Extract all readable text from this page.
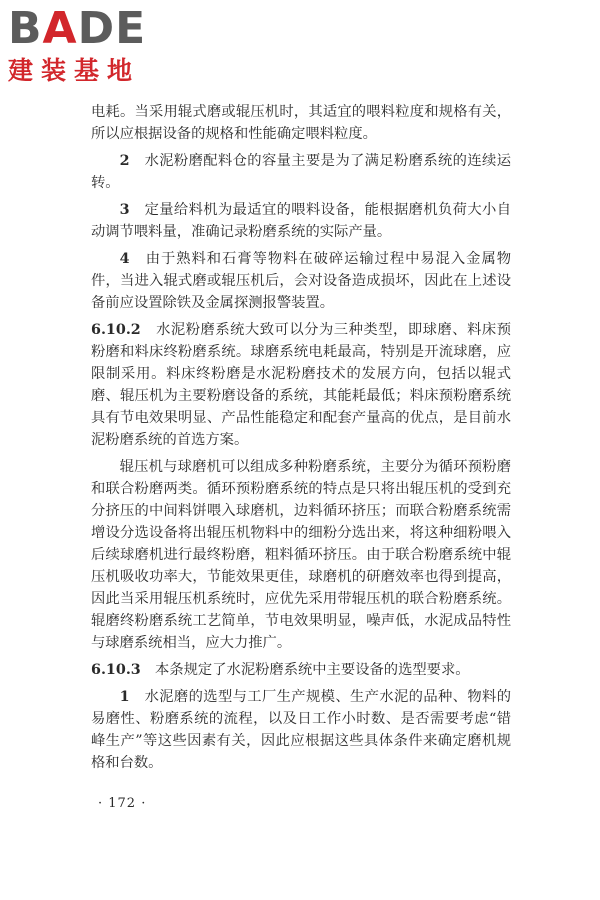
BADE
建装基地

电耗。当采用辊式磨或辊压机时，其适宜的喂料粒度和规格有关，所以应根据设备的规格和性能确定喂料粒度。

2　水泥粉磨配料仓的容量主要是为了满足粉磨系统的连续运转。

3　定量给料机为最适宜的喂料设备，能根据磨机负荷大小自动调节喂料量，准确记录粉磨系统的实际产量。

4　由于熟料和石膏等物料在破碎运输过程中易混入金属物件，当进入辊式磨或辊压机后，会对设备造成损坏，因此在上述设备前应设置除铁及金属探测报警装置。

6.10.2　水泥粉磨系统大致可以分为三种类型，即球磨、料床预粉磨和料床终粉磨系统。球磨系统电耗最高，特别是开流球磨，应限制采用。料床终粉磨是水泥粉磨技术的发展方向，包括以辊式磨、辊压机为主要粉磨设备的系统，其能耗最低；料床预粉磨系统具有节电效果明显、产品性能稳定和配套产量高的优点，是目前水泥粉磨系统的首选方案。

辊压机与球磨机可以组成多种粉磨系统，主要分为循环预粉磨和联合粉磨两类。循环预粉磨系统的特点是只将出辊压机的受到充分挤压的中间料饼喂入球磨机，边料循环挤压；而联合粉磨系统需增设分选设备将出辊压机物料中的细粉分选出来，将这种细粉喂入后续球磨机进行最终粉磨，粗料循环挤压。由于联合粉磨系统中辊压机吸收功率大，节能效果更佳，球磨机的研磨效率也得到提高，因此当采用辊压机系统时，应优先采用带辊压机的联合粉磨系统。辊磨终粉磨系统工艺简单，节电效果明显，噪声低，水泥成品特性与球磨系统相当，应大力推广。

6.10.3　本条规定了水泥粉磨系统中主要设备的选型要求。

1　水泥磨的选型与工厂生产规模、生产水泥的品种、物料的易磨性、粉磨系统的流程，以及日工作小时数、是否需要考虑“错峰生产”等这些因素有关，因此应根据这些具体条件来确定磨机规格和台数。

· 172 ·
